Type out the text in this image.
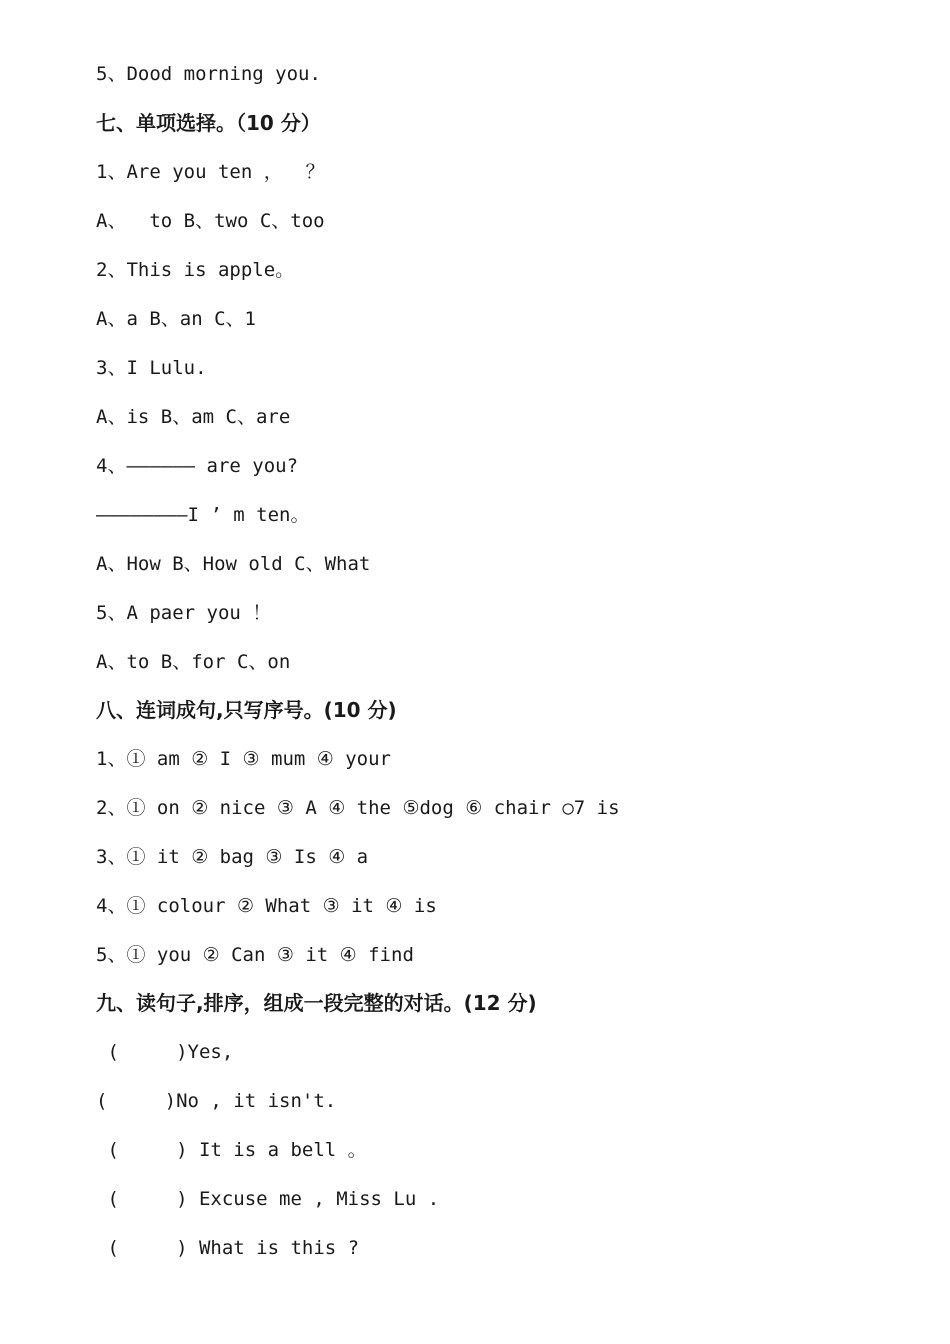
5、Dood morning you.
七、单项选择。（10 分）
1、Are you ten ，  ？
A、  to B、two C、too
2、This is apple。
A、a B、an C、1
3、I Lulu.
A、is B、am C、are
4、—————— are you?
————————I ’ m ten。
A、How B、How old C、What
5、A paer you ！
A、to B、for C、on
八、连词成句,只写序号。(10 分)
1、① am ② I ③ mum ④ your
2、① on ② nice ③ A ④ the ⑤dog ⑥ chair ○7 is
3、① it ② bag ③ Is ④ a
4、① colour ② What ③ it ④ is
5、① you ② Can ③ it ④ find
九、读句子,排序，组成一段完整的对话。(12 分)
(     )Yes,
(     )No , it isn't.
(     ) It is a bell 。
(     ) Excuse me , Miss Lu .
(     ) What is this ?
